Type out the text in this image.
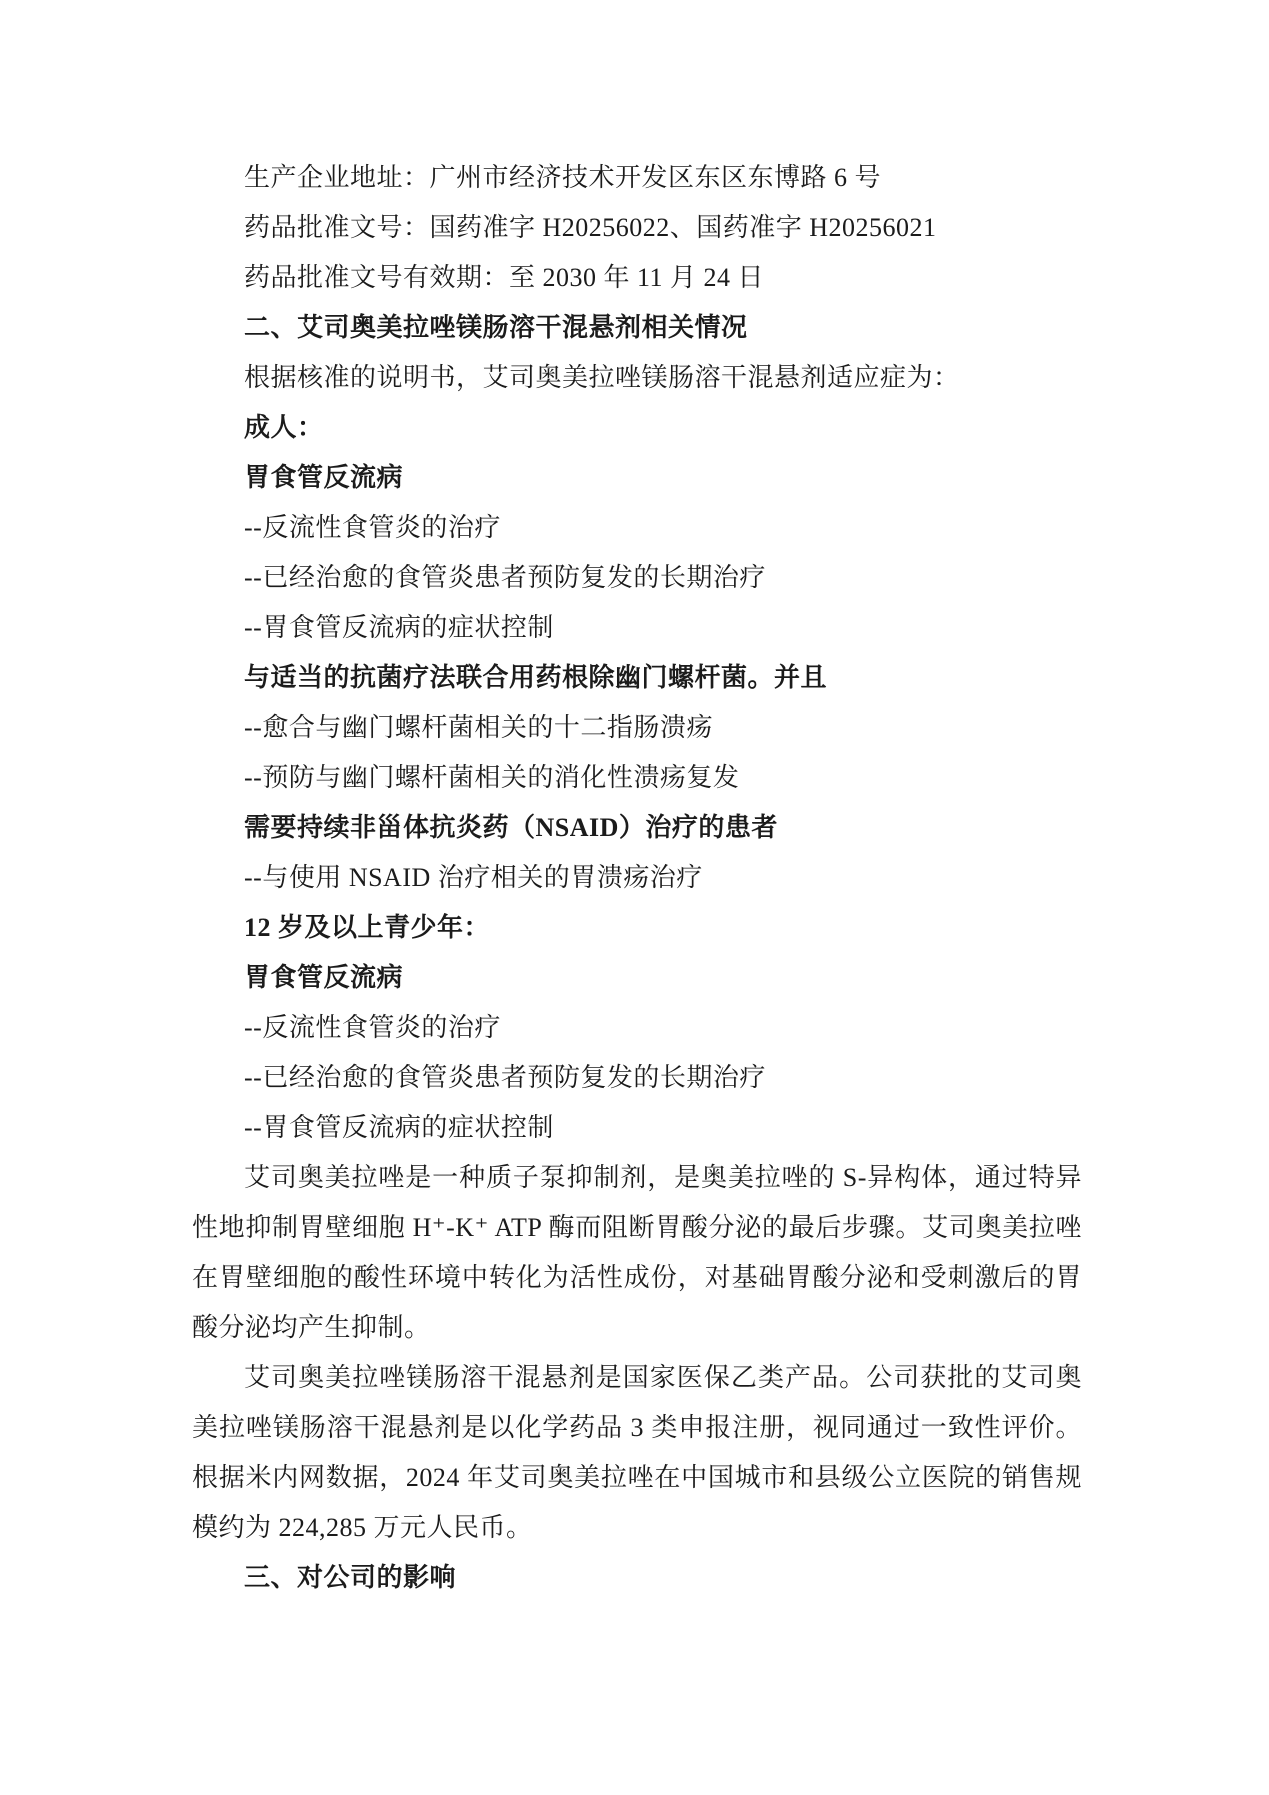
生产企业地址：广州市经济技术开发区东区东博路 6 号

药品批准文号：国药准字 H20256022、国药准字 H20256021

药品批准文号有效期：至 2030 年 11 月 24 日

二、艾司奥美拉唑镁肠溶干混悬剂相关情况

根据核准的说明书，艾司奥美拉唑镁肠溶干混悬剂适应症为：

成人：

胃食管反流病

--反流性食管炎的治疗

--已经治愈的食管炎患者预防复发的长期治疗

--胃食管反流病的症状控制

与适当的抗菌疗法联合用药根除幽门螺杆菌。并且

--愈合与幽门螺杆菌相关的十二指肠溃疡

--预防与幽门螺杆菌相关的消化性溃疡复发

需要持续非甾体抗炎药（NSAID）治疗的患者

--与使用 NSAID 治疗相关的胃溃疡治疗

12 岁及以上青少年：

胃食管反流病

--反流性食管炎的治疗

--已经治愈的食管炎患者预防复发的长期治疗

--胃食管反流病的症状控制

艾司奥美拉唑是一种质子泵抑制剂，是奥美拉唑的 S-异构体，通过特异性地抑制胃壁细胞 H⁺-K⁺ ATP 酶而阻断胃酸分泌的最后步骤。艾司奥美拉唑在胃壁细胞的酸性环境中转化为活性成份，对基础胃酸分泌和受刺激后的胃酸分泌均产生抑制。

艾司奥美拉唑镁肠溶干混悬剂是国家医保乙类产品。公司获批的艾司奥美拉唑镁肠溶干混悬剂是以化学药品 3 类申报注册，视同通过一致性评价。根据米内网数据，2024 年艾司奥美拉唑在中国城市和县级公立医院的销售规模约为 224,285 万元人民币。

三、对公司的影响
